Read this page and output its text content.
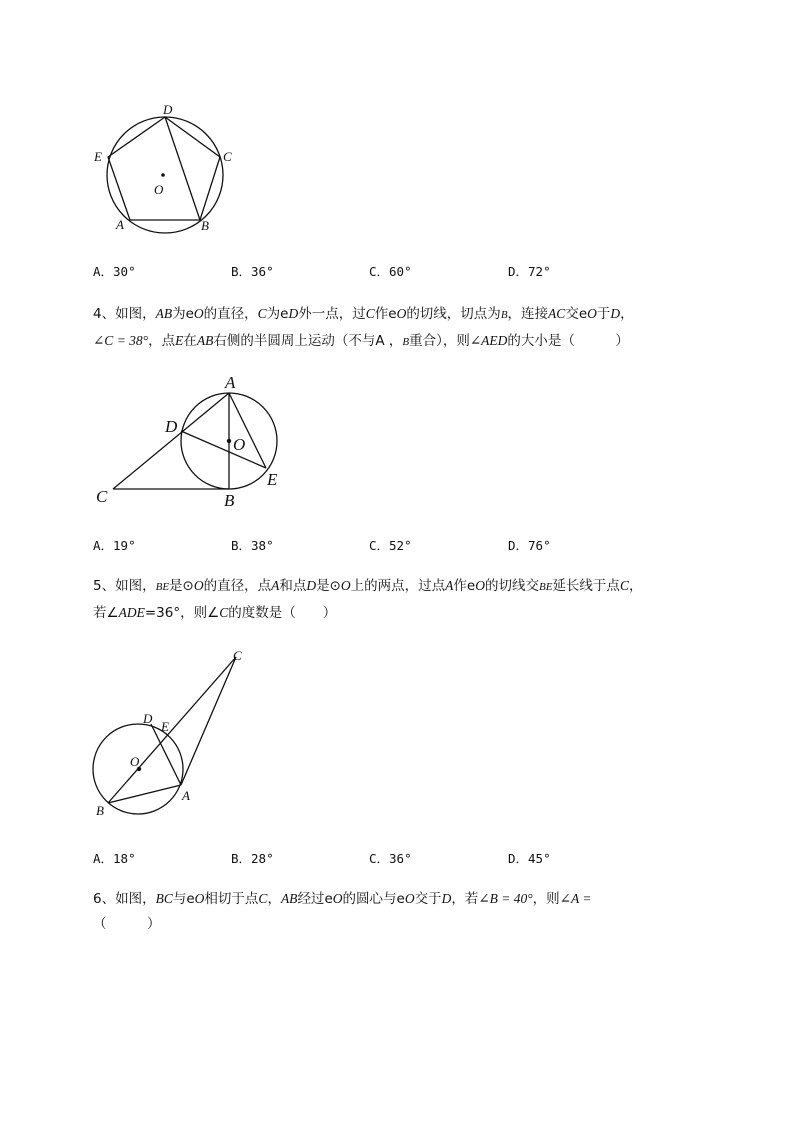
D
C
E
O
A	B
A．30°	B．36°	C．60°	D．72°
4、如图，AB为eO的直径，C为eD外一点，过C作eO的切线，切点为B，连接AC交eO于D，
∠C = 38°，点E在AB右侧的半圆周上运动（不与A ，B重合），则∠AED的大小是（　　　）
A
D
O
E
C	B
A．19°	B．38°	C．52°	D．76°
5、如图，BE是⊙O的直径，点A和点D是⊙O上的两点，过点A作eO的切线交BE延长线于点C，
若∠ADE=36°，则∠C的度数是（　　）
C
D
E
O
A
B
A．18°	B．28°	C．36°	D．45°
6、如图，BC与eO相切于点C，AB经过eO的圆心与eO交于D，若∠B = 40°，则∠A =
（　　　）
